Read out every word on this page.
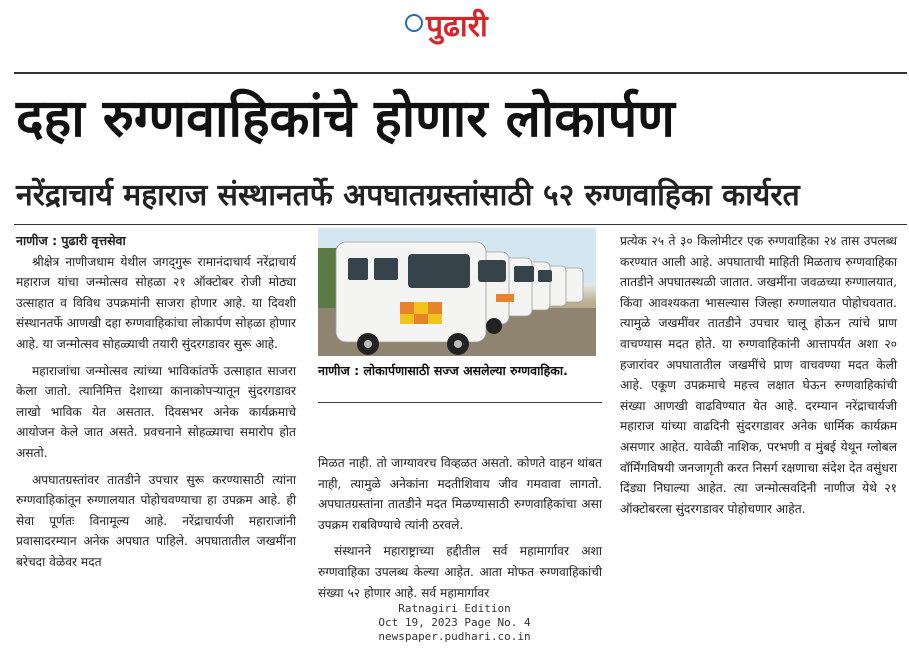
पुढारी
दहा रुग्णवाहिकांचे होणार लोकार्पण
नरेंद्राचार्य महाराज संस्थानतर्फे अपघातग्रस्तांसाठी ५२ रुग्णवाहिका कार्यरत
नाणीज : पुढारी वृत्तसेवा

श्रीक्षेत्र नाणीजधाम येथील जगद्‌गुरू रामानंदाचार्य नरेंद्राचार्य महाराज यांचा जन्मोत्सव सोहळा २१ ऑक्टोबर रोजी मोठ्या उत्साहात व विविध उपक्रमांनी साजरा होणार आहे. या दिवशी संस्थानतर्फे आणखी दहा रुग्णवाहिकांचा लोकार्पण सोहळा होणार आहे. या जन्मोत्सव सोहळ्याची तयारी सुंदरगडावर सुरू आहे.

महाराजांचा जन्मोत्सव त्यांच्या भाविकांतर्फे उत्साहात साजरा केला जातो. त्यानिमित्त देशाच्या कानाकोपऱ्यातून सुंदरगडावर लाखो भाविक येत असतात. दिवसभर अनेक कार्यक्रमाचे आयोजन केले जात असते. प्रवचनाने सोहळ्याचा समारोप होत असतो.

अपघातग्रस्तांवर तातडीने उपचार सुरू करण्यासाठी त्यांना रुग्णवाहिकांतून रुग्णालयात पोहोचवण्याचा हा उपक्रम आहे. ही सेवा पूर्णतः विनामूल्य आहे. नरेंद्राचार्यजी महाराजांनी प्रवासादरम्यान अनेक अपघात पाहिले. अपघातातील जखमींना बरेचदा वेळेवर मदत

नाणीज : लोकार्पणासाठी सज्ज असलेल्या रुग्णवाहिका.

मिळत नाही. तो जाग्यावरच विव्हळत असतो. कोणते वाहन थांबत नाही, त्यामुळे अनेकांना मदतीशिवाय जीव गमवावा लागतो. अपघातग्रस्तांना तातडीने मदत मिळण्यासाठी रुग्णवाहिकांचा असा उपक्रम राबविण्याचे त्यांनी ठरवले.

संस्थानने महाराष्ट्राच्या हद्दीतील सर्व महामार्गावर अशा रुग्णवाहिका उपलब्ध केल्या आहेत. आता मोफत रुग्णवाहिकांची संख्या ५२ होणार आहे. सर्व महामार्गावर

प्रत्येक २५ ते ३० किलोमीटर एक रुग्णवाहिका २४ तास उपलब्ध करण्यात आली आहे. अपघाताची माहिती मिळताच रुग्णवाहिका तातडीने अपघातस्थळी जातात. जखमींना जवळच्या रुग्णालयात, किंवा आवश्यकता भासल्यास जिल्हा रुग्णालयात पोहोचवतात. त्यामुळे जखमींवर तातडीने उपचार चालू होऊन त्यांचे प्राण वाचण्यास मदत होते. या रुग्णवाहिकांनी आत्तापर्यंत अशा २० हजारांवर अपघातातील जखमींचे प्राण वाचवण्या मदत केली आहे. एकूण उपक्रमाचे महत्त्व लक्षात घेऊन रुग्णवाहिकांची संख्या आणखी वाढविण्यात येत आहे. दरम्यान नरेंद्राचार्यजी महाराज यांच्या वाढदिनी सुंदरगडावर अनेक धार्मिक कार्यक्रम असणार आहेत. यावेळी नाशिक, परभणी व मुंबई येथून ग्लोबल वॉर्मिंगविषयी जनजागृती करत निसर्ग रक्षणाचा संदेश देत वसुंधरा दिंड्या निघाल्या आहेत. त्या जन्मोत्सवदिनी नाणीज येथे २१ ऑक्टोबरला सुंदरगडावर पोहोचणार आहेत.

Ratnagiri Edition
Oct 19, 2023 Page No. 4
newspaper.pudhari.co.in
